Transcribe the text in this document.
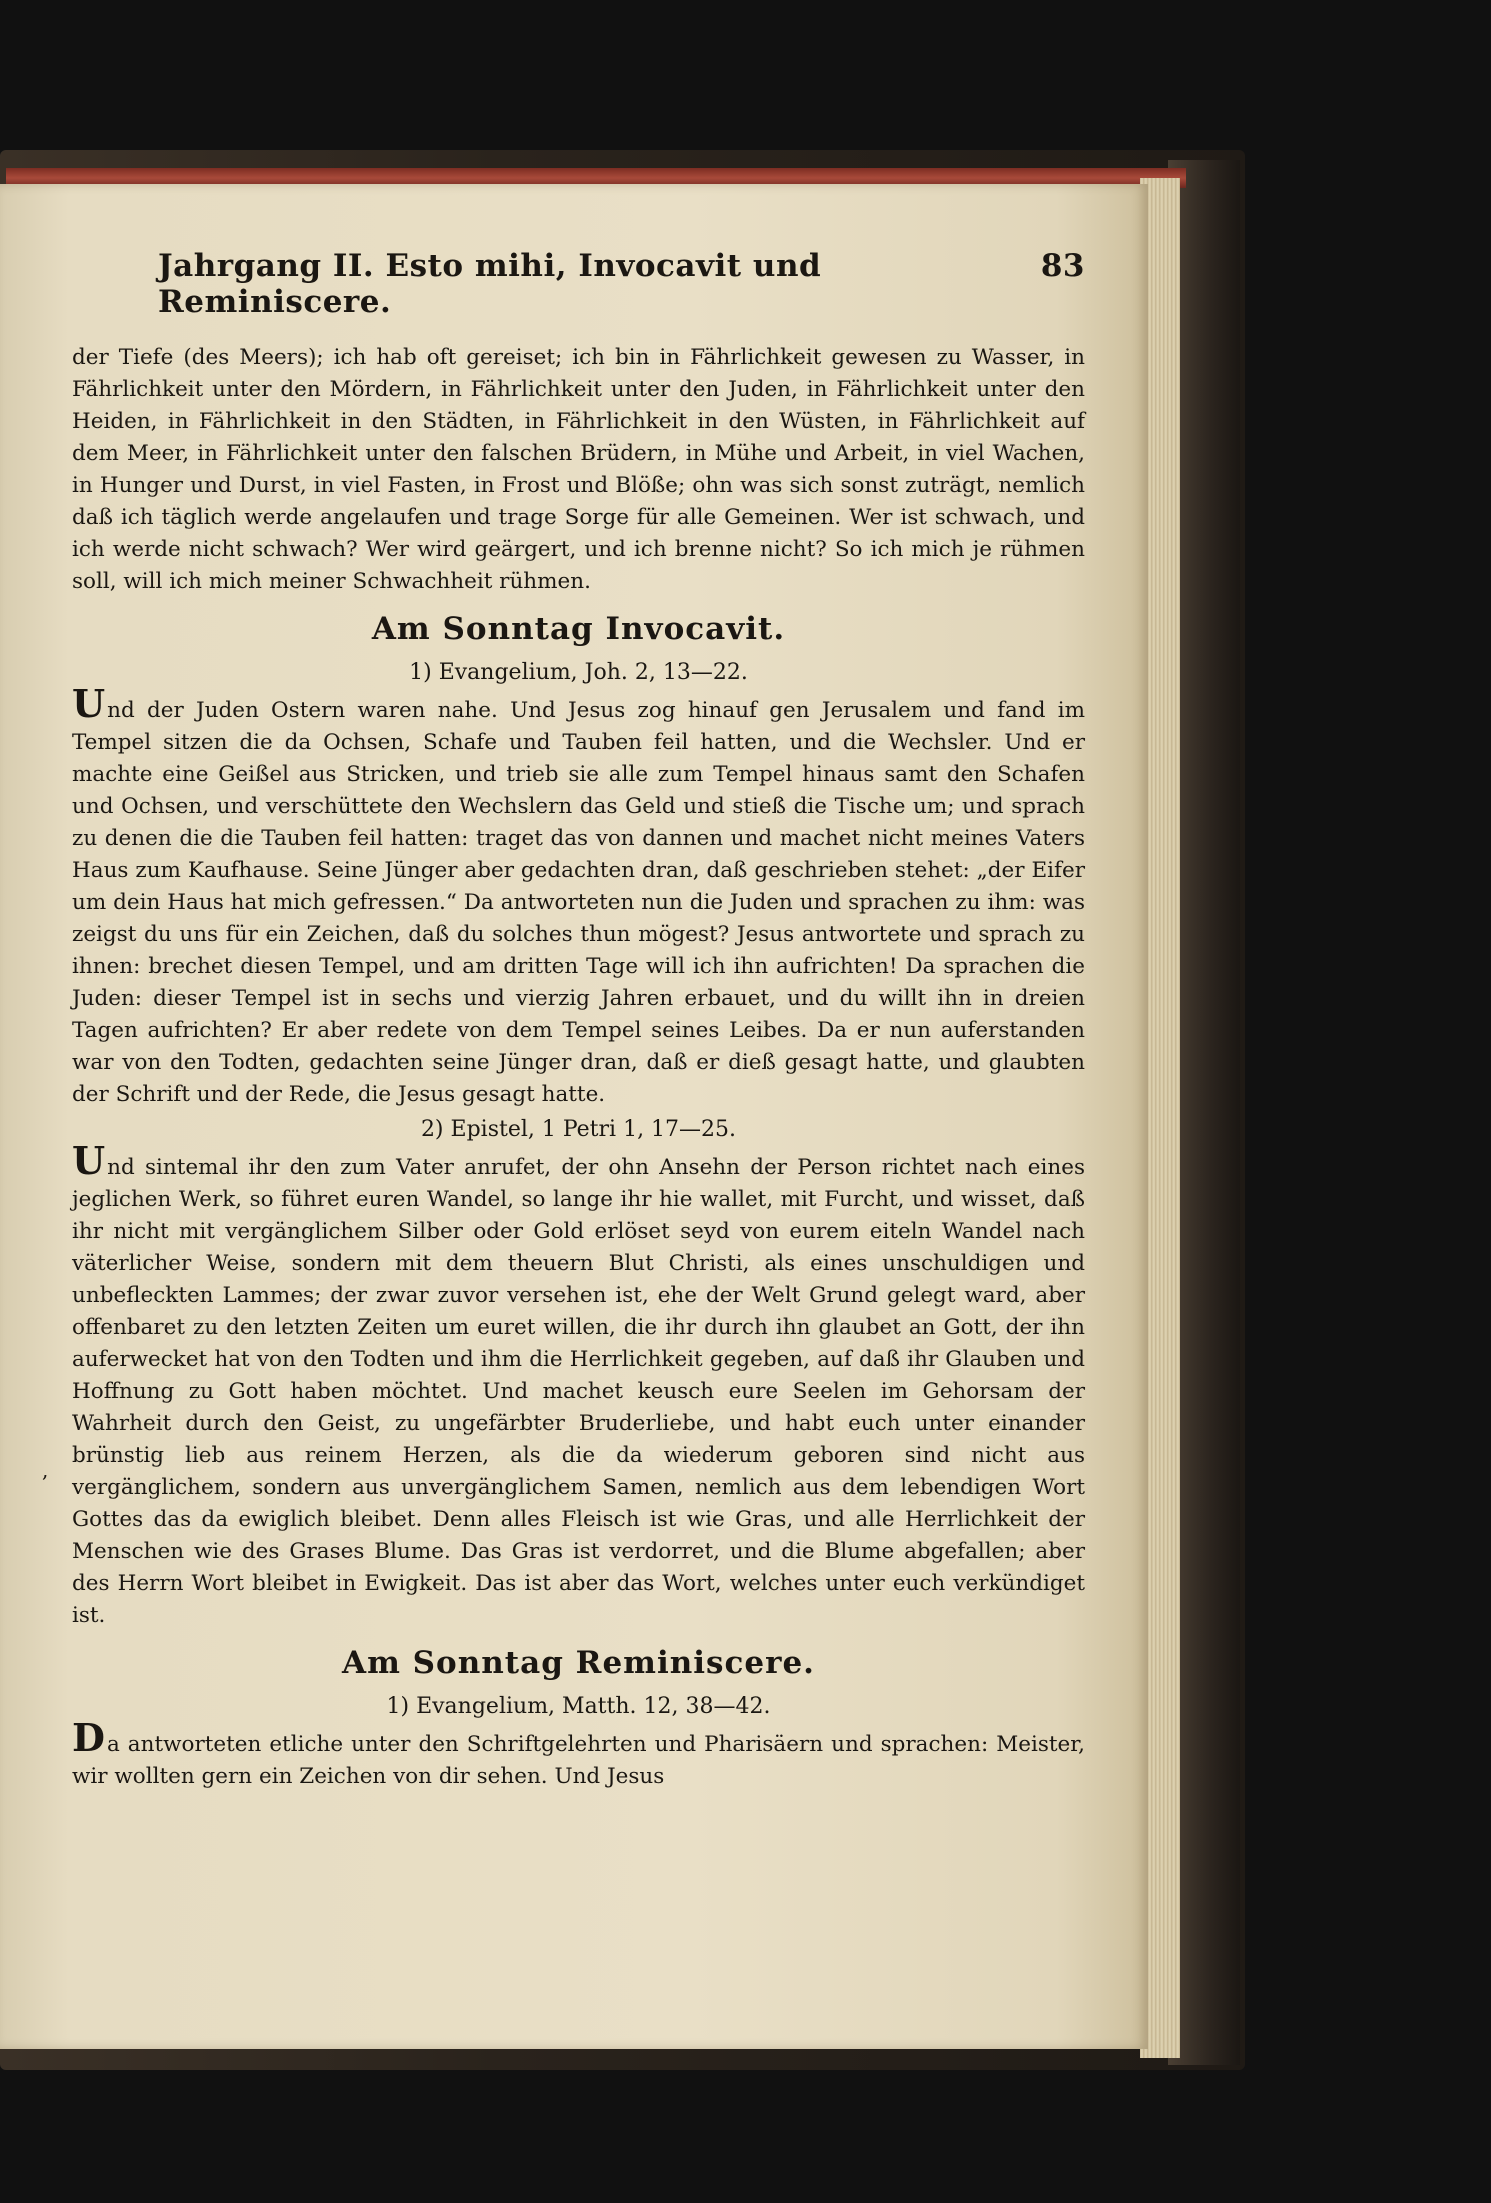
Jahrgang II. Esto mihi, Invocavit und Reminiscere.
83

der Tiefe (des Meers); ich hab oft gereiset; ich bin in Fährlichkeit gewesen zu Wasser, in Fährlichkeit unter den Mördern, in Fährlichkeit unter den Juden, in Fährlichkeit unter den Heiden, in Fährlichkeit in den Städten, in Fährlichkeit in den Wüsten, in Fährlichkeit auf dem Meer, in Fährlichkeit unter den falschen Brüdern, in Mühe und Arbeit, in viel Wachen, in Hunger und Durst, in viel Fasten, in Frost und Blöße; ohn was sich sonst zuträgt, nemlich daß ich täglich werde angelaufen und trage Sorge für alle Gemeinen. Wer ist schwach, und ich werde nicht schwach? Wer wird geärgert, und ich brenne nicht? So ich mich je rühmen soll, will ich mich meiner Schwachheit rühmen.

Am Sonntag Invocavit.
1) Evangelium, Joh. 2, 13—22.

Und der Juden Ostern waren nahe. Und Jesus zog hinauf gen Jerusalem und fand im Tempel sitzen die da Ochsen, Schafe und Tauben feil hatten, und die Wechsler. Und er machte eine Geißel aus Stricken, und trieb sie alle zum Tempel hinaus samt den Schafen und Ochsen, und verschüttete den Wechslern das Geld und stieß die Tische um; und sprach zu denen die die Tauben feil hatten: traget das von dannen und machet nicht meines Vaters Haus zum Kaufhause. Seine Jünger aber gedachten dran, daß geschrieben stehet: „der Eifer um dein Haus hat mich gefressen.“ Da antworteten nun die Juden und sprachen zu ihm: was zeigst du uns für ein Zeichen, daß du solches thun mögest? Jesus antwortete und sprach zu ihnen: brechet diesen Tempel, und am dritten Tage will ich ihn aufrichten! Da sprachen die Juden: dieser Tempel ist in sechs und vierzig Jahren erbauet, und du willt ihn in dreien Tagen aufrichten? Er aber redete von dem Tempel seines Leibes. Da er nun auferstanden war von den Todten, gedachten seine Jünger dran, daß er dieß gesagt hatte, und glaubten der Schrift und der Rede, die Jesus gesagt hatte.

2) Epistel, 1 Petri 1, 17—25.

Und sintemal ihr den zum Vater anrufet, der ohn Ansehn der Person richtet nach eines jeglichen Werk, so führet euren Wandel, so lange ihr hie wallet, mit Furcht, und wisset, daß ihr nicht mit vergänglichem Silber oder Gold erlöset seyd von eurem eiteln Wandel nach väterlicher Weise, sondern mit dem theuern Blut Christi, als eines unschuldigen und unbefleckten Lammes; der zwar zuvor versehen ist, ehe der Welt Grund gelegt ward, aber offenbaret zu den letzten Zeiten um euret willen, die ihr durch ihn glaubet an Gott, der ihn auferwecket hat von den Todten und ihm die Herrlichkeit gegeben, auf daß ihr Glauben und Hoffnung zu Gott haben möchtet. Und machet keusch eure Seelen im Gehorsam der Wahrheit durch den Geist, zu ungefärbter Bruderliebe, und habt euch unter einander brünstig lieb aus reinem Herzen, als die da wiederum geboren sind nicht aus vergänglichem, sondern aus unvergänglichem Samen, nemlich aus dem lebendigen Wort Gottes das da ewiglich bleibet. Denn alles Fleisch ist wie Gras, und alle Herrlichkeit der Menschen wie des Grases Blume. Das Gras ist verdorret, und die Blume abgefallen; aber des Herrn Wort bleibet in Ewigkeit. Das ist aber das Wort, welches unter euch verkündiget ist.

Am Sonntag Reminiscere.
1) Evangelium, Matth. 12, 38—42.

Da antworteten etliche unter den Schriftgelehrten und Pharisäern und sprachen: Meister, wir wollten gern ein Zeichen von dir sehen. Und Jesus

,
